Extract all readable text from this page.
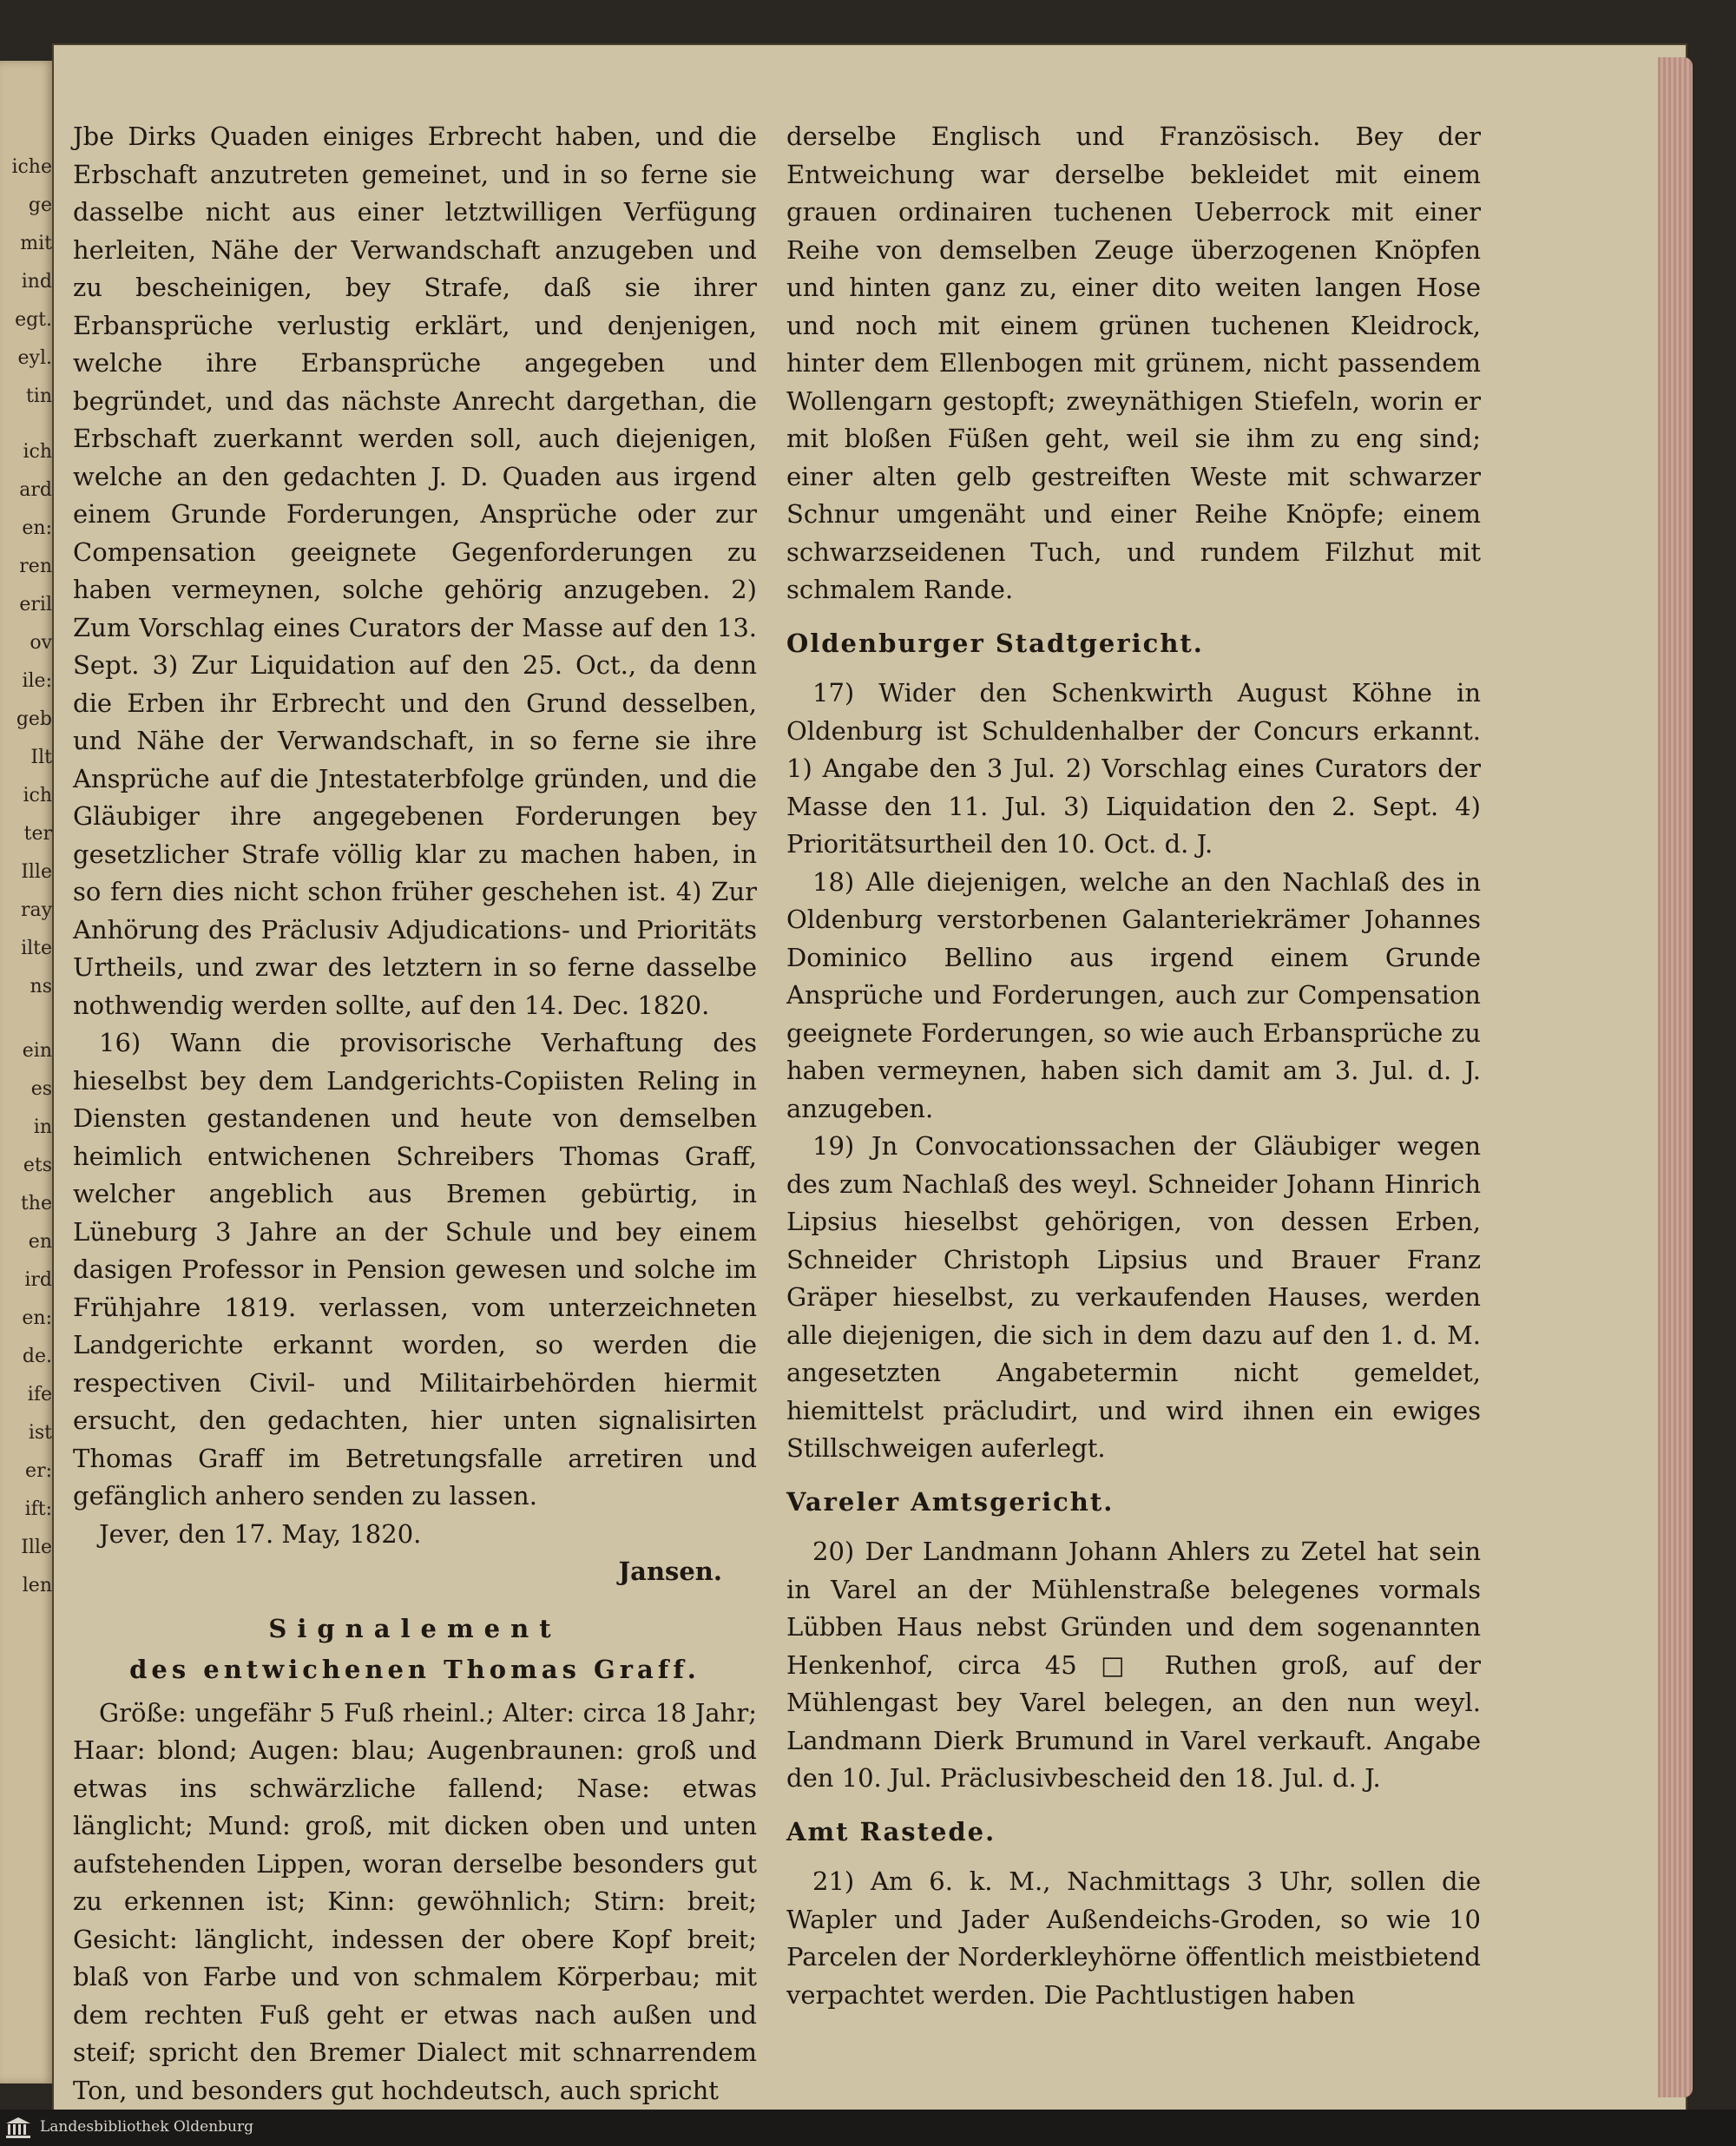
iche
ge
mit
ind
egt.
eyl.
tin
ich
ard
en:
ren
eril
ov
ile:
geb
Ilt
ich
ter
Ille
ray
ilte
ns
ein
es
in
ets
the
en
ird
en:
de.
ife
ist
er:
ift:
Ille
len

Jbe Dirks Quaden einiges Erbrecht haben, und die Erbschaft anzutreten gemeinet, und in so ferne sie dasselbe nicht aus einer letztwilligen Verfügung herleiten, Nähe der Verwandschaft anzugeben und zu bescheinigen, bey Strafe, daß sie ihrer Erbansprüche verlustig erklärt, und denjenigen, welche ihre Erbansprüche angegeben und begründet, und das nächste Anrecht dargethan, die Erbschaft zuerkannt werden soll, auch diejenigen, welche an den gedachten J. D. Quaden aus irgend einem Grunde Forderungen, Ansprüche oder zur Compensation geeignete Gegenforderungen zu haben vermeynen, solche gehörig anzugeben. 2) Zum Vorschlag eines Curators der Masse auf den 13. Sept. 3) Zur Liquidation auf den 25. Oct., da denn die Erben ihr Erbrecht und den Grund desselben, und Nähe der Verwandschaft, in so ferne sie ihre Ansprüche auf die Jntestaterbfolge gründen, und die Gläubiger ihre angegebenen Forderungen bey gesetzlicher Strafe völlig klar zu machen haben, in so fern dies nicht schon früher geschehen ist. 4) Zur Anhörung des Präclusiv Adjudications- und Prioritäts Urtheils, und zwar des letztern in so ferne dasselbe nothwendig werden sollte, auf den 14. Dec. 1820.

16) Wann die provisorische Verhaftung des hieselbst bey dem Landgerichts-Copiisten Reling in Diensten gestandenen und heute von demselben heimlich entwichenen Schreibers Thomas Graff, welcher angeblich aus Bremen gebürtig, in Lüneburg 3 Jahre an der Schule und bey einem dasigen Professor in Pension gewesen und solche im Frühjahre 1819. verlassen, vom unterzeichneten Landgerichte erkannt worden, so werden die respectiven Civil- und Militairbehörden hiermit ersucht, den gedachten, hier unten signalisirten Thomas Graff im Betretungsfalle arretiren und gefänglich anhero senden zu lassen.

Jever, den 17. May, 1820.

Jansen.

Signalement

des entwichenen Thomas Graff.

Größe: ungefähr 5 Fuß rheinl.; Alter: circa 18 Jahr; Haar: blond; Augen: blau; Augenbraunen: groß und etwas ins schwärzliche fallend; Nase: etwas länglicht; Mund: groß, mit dicken oben und unten aufstehenden Lippen, woran derselbe besonders gut zu erkennen ist; Kinn: gewöhnlich; Stirn: breit; Gesicht: länglicht, indessen der obere Kopf breit; blaß von Farbe und von schmalem Körperbau; mit dem rechten Fuß geht er etwas nach außen und steif; spricht den Bremer Dialect mit schnarrendem Ton, und besonders gut hochdeutsch, auch spricht

derselbe Englisch und Französisch. Bey der Entweichung war derselbe bekleidet mit einem grauen ordinairen tuchenen Ueberrock mit einer Reihe von demselben Zeuge überzogenen Knöpfen und hinten ganz zu, einer dito weiten langen Hose und noch mit einem grünen tuchenen Kleidrock, hinter dem Ellenbogen mit grünem, nicht passendem Wollengarn gestopft; zweynäthigen Stiefeln, worin er mit bloßen Füßen geht, weil sie ihm zu eng sind; einer alten gelb gestreiften Weste mit schwarzer Schnur umgenäht und einer Reihe Knöpfe; einem schwarzseidenen Tuch, und rundem Filzhut mit schmalem Rande.

Oldenburger Stadtgericht.

17) Wider den Schenkwirth August Köhne in Oldenburg ist Schuldenhalber der Concurs erkannt. 1) Angabe den 3 Jul. 2) Vorschlag eines Curators der Masse den 11. Jul. 3) Liquidation den 2. Sept. 4) Prioritätsurtheil den 10. Oct. d. J.

18) Alle diejenigen, welche an den Nachlaß des in Oldenburg verstorbenen Galanteriekrämer Johannes Dominico Bellino aus irgend einem Grunde Ansprüche und Forderungen, auch zur Compensation geeignete Forderungen, so wie auch Erbansprüche zu haben vermeynen, haben sich damit am 3. Jul. d. J. anzugeben.

19) Jn Convocationssachen der Gläubiger wegen des zum Nachlaß des weyl. Schneider Johann Hinrich Lipsius hieselbst gehörigen, von dessen Erben, Schneider Christoph Lipsius und Brauer Franz Gräper hieselbst, zu verkaufenden Hauses, werden alle diejenigen, die sich in dem dazu auf den 1. d. M. angesetzten Angabetermin nicht gemeldet, hiemittelst präcludirt, und wird ihnen ein ewiges Stillschweigen auferlegt.

Vareler Amtsgericht.

20) Der Landmann Johann Ahlers zu Zetel hat sein in Varel an der Mühlenstraße belegenes vormals Lübben Haus nebst Gründen und dem sogenannten Henkenhof, circa 45 □ Ruthen groß, auf der Mühlengast bey Varel belegen, an den nun weyl. Landmann Dierk Brumund in Varel verkauft. Angabe den 10. Jul. Präclusivbescheid den 18. Jul. d. J.

Amt Rastede.

21) Am 6. k. M., Nachmittags 3 Uhr, sollen die Wapler und Jader Außendeichs-Groden, so wie 10 Parcelen der Norderkleyhörne öffentlich meistbietend verpachtet werden. Die Pachtlustigen haben

Landesbibliothek Oldenburg
